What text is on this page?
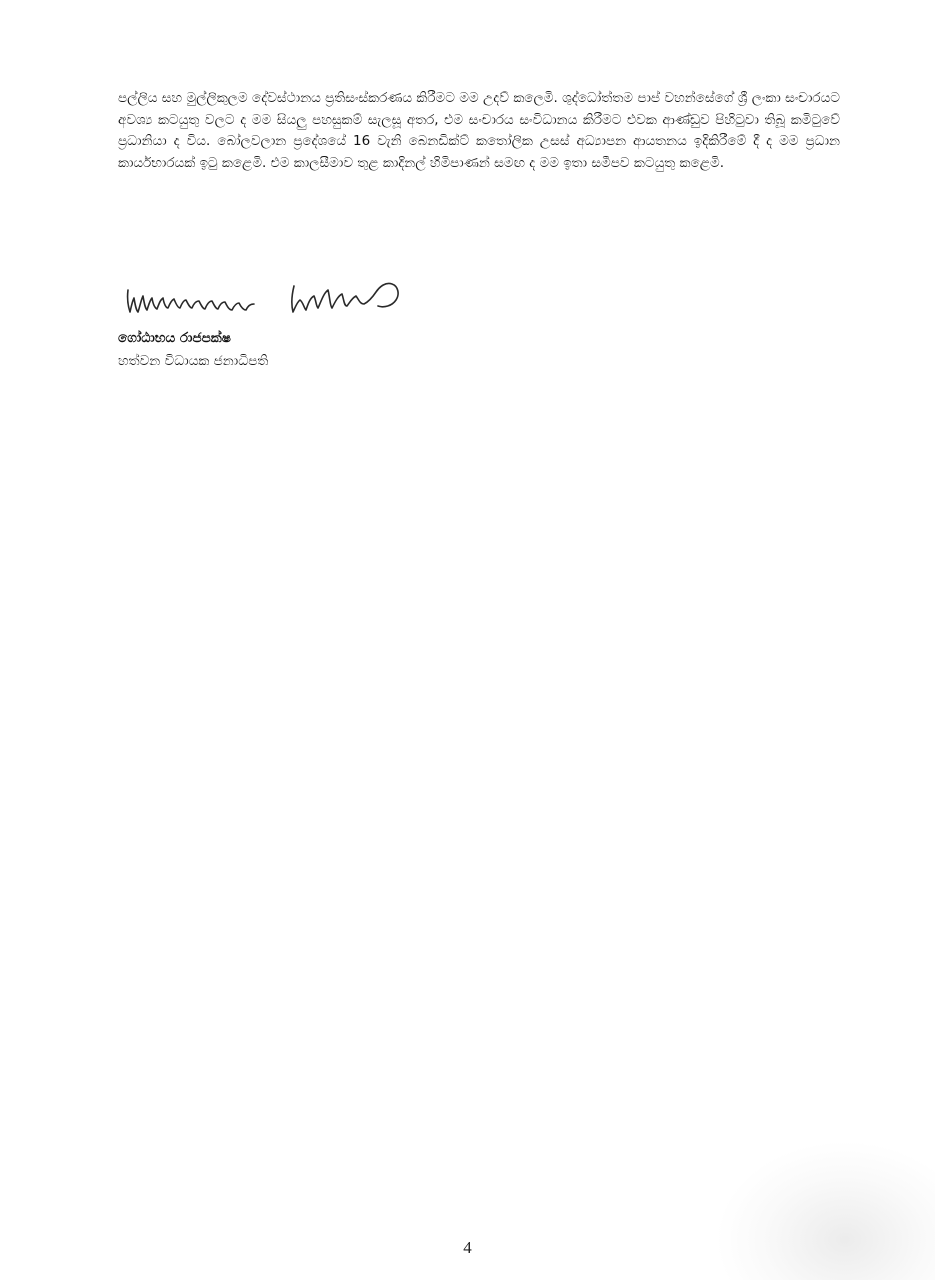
පල්ලිය සහ මුල්ලිකුලම දේවස්ථානය ප්‍රතිසංස්කරණය කිරීමට මම උදව් කලෙමි. ශුද්ධෝත්තම පාප් වහන්සේගේ ශ්‍රී ලංකා සංචාරයට අවශ්‍ය කටයුතු වලට ද මම සියලු පහසුකම් සැලසූ අතර, එම සංචාරය සංවිධානය කිරීමට එවක ආණ්ඩුව පිහිටුවා තිබූ කමිටුවේ ප්‍රධානියා ද විය. බෝලවලාන ප්‍රදේශයේ 16 වැනි බෙනඩික්ට් කතෝලික උසස් අධ්‍යාපන ආයතනය ඉදිකිරීමේ දී ද මම ප්‍රධාන කාර්යභාරයක් ඉටු කළෙමි. එම කාලසීමාව තුළ කාදිනල් හිමිපාණන් සමඟ ද මම ඉතා සමීපව කටයුතු කළෙමි.

ගෝඨාභය රාජපක්ෂ

හත්වන විධායක ජනාධිපති

4
